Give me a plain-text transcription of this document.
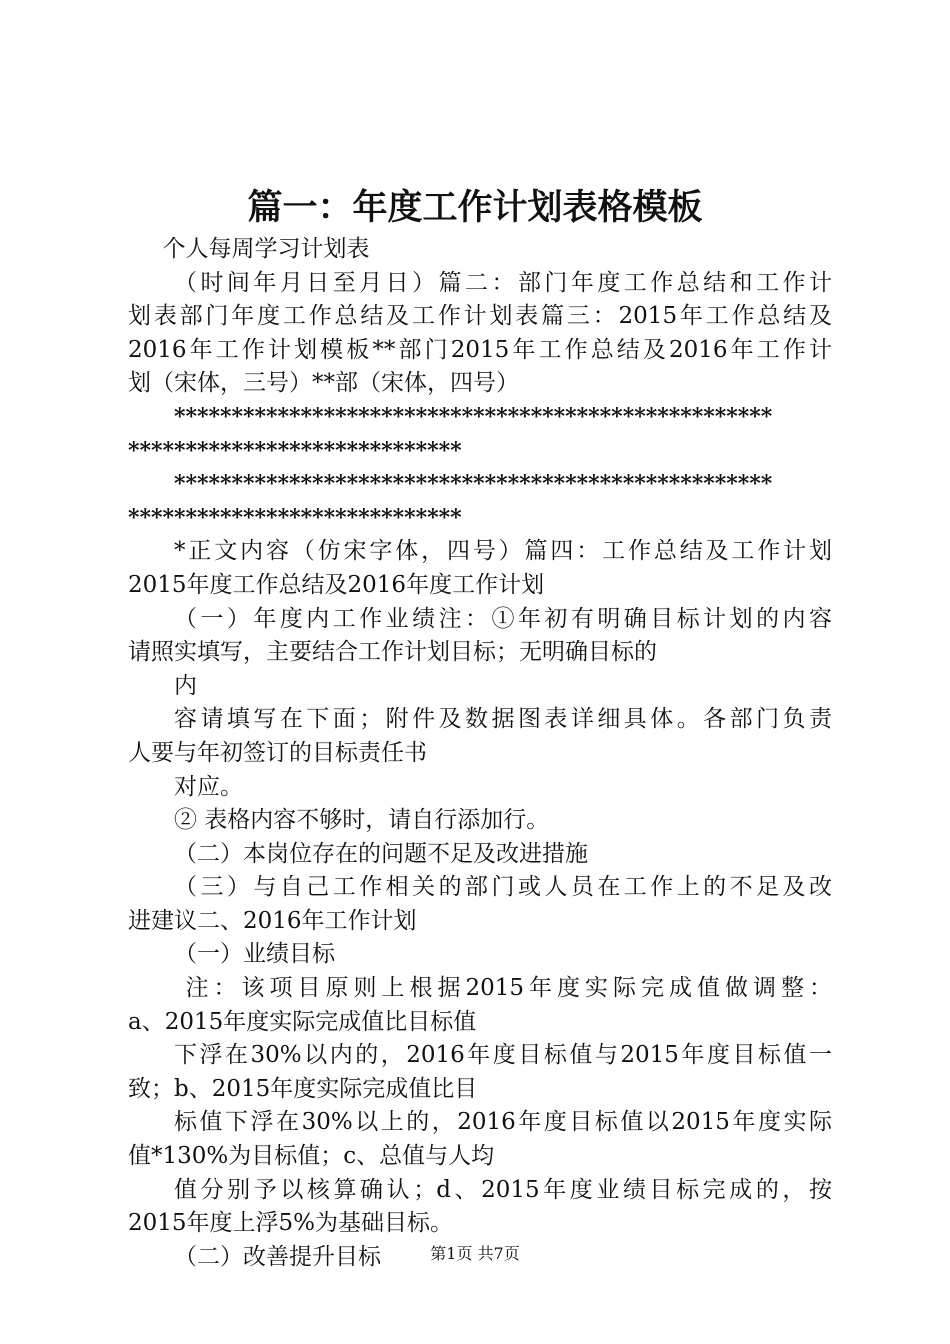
篇一：年度工作计划表格模板
个人每周学习计划表
（时间年月日至月日）篇二：部门年度工作总结和工作计
划表部门年度工作总结及工作计划表篇三：2015年工作总结及
2016年工作计划模板**部门2015年工作总结及2016年工作计
划（宋体，三号）**部（宋体，四号）
****************************************************
*****************************
****************************************************
*****************************
*正文内容（仿宋字体，四号）篇四：工作总结及工作计划
2015年度工作总结及2016年度工作计划
（一）年度内工作业绩注：①年初有明确目标计划的内容
请照实填写，主要结合工作计划目标；无明确目标的
内
容请填写在下面；附件及数据图表详细具体。各部门负责
人要与年初签订的目标责任书
对应。
② 表格内容不够时，请自行添加行。
（二）本岗位存在的问题不足及改进措施
（三）与自己工作相关的部门或人员在工作上的不足及改
进建议二、2016年工作计划
（一）业绩目标
注：该项目原则上根据2015年度实际完成值做调整：
a、2015年度实际完成值比目标值
下浮在30%以内的，2016年度目标值与2015年度目标值一
致；b、2015年度实际完成值比目
标值下浮在30%以上的，2016年度目标值以2015年度实际
值*130%为目标值；c、总值与人均
值分别予以核算确认；d、2015年度业绩目标完成的，按
2015年度上浮5%为基础目标。
（二）改善提升目标	第1页 共7页
